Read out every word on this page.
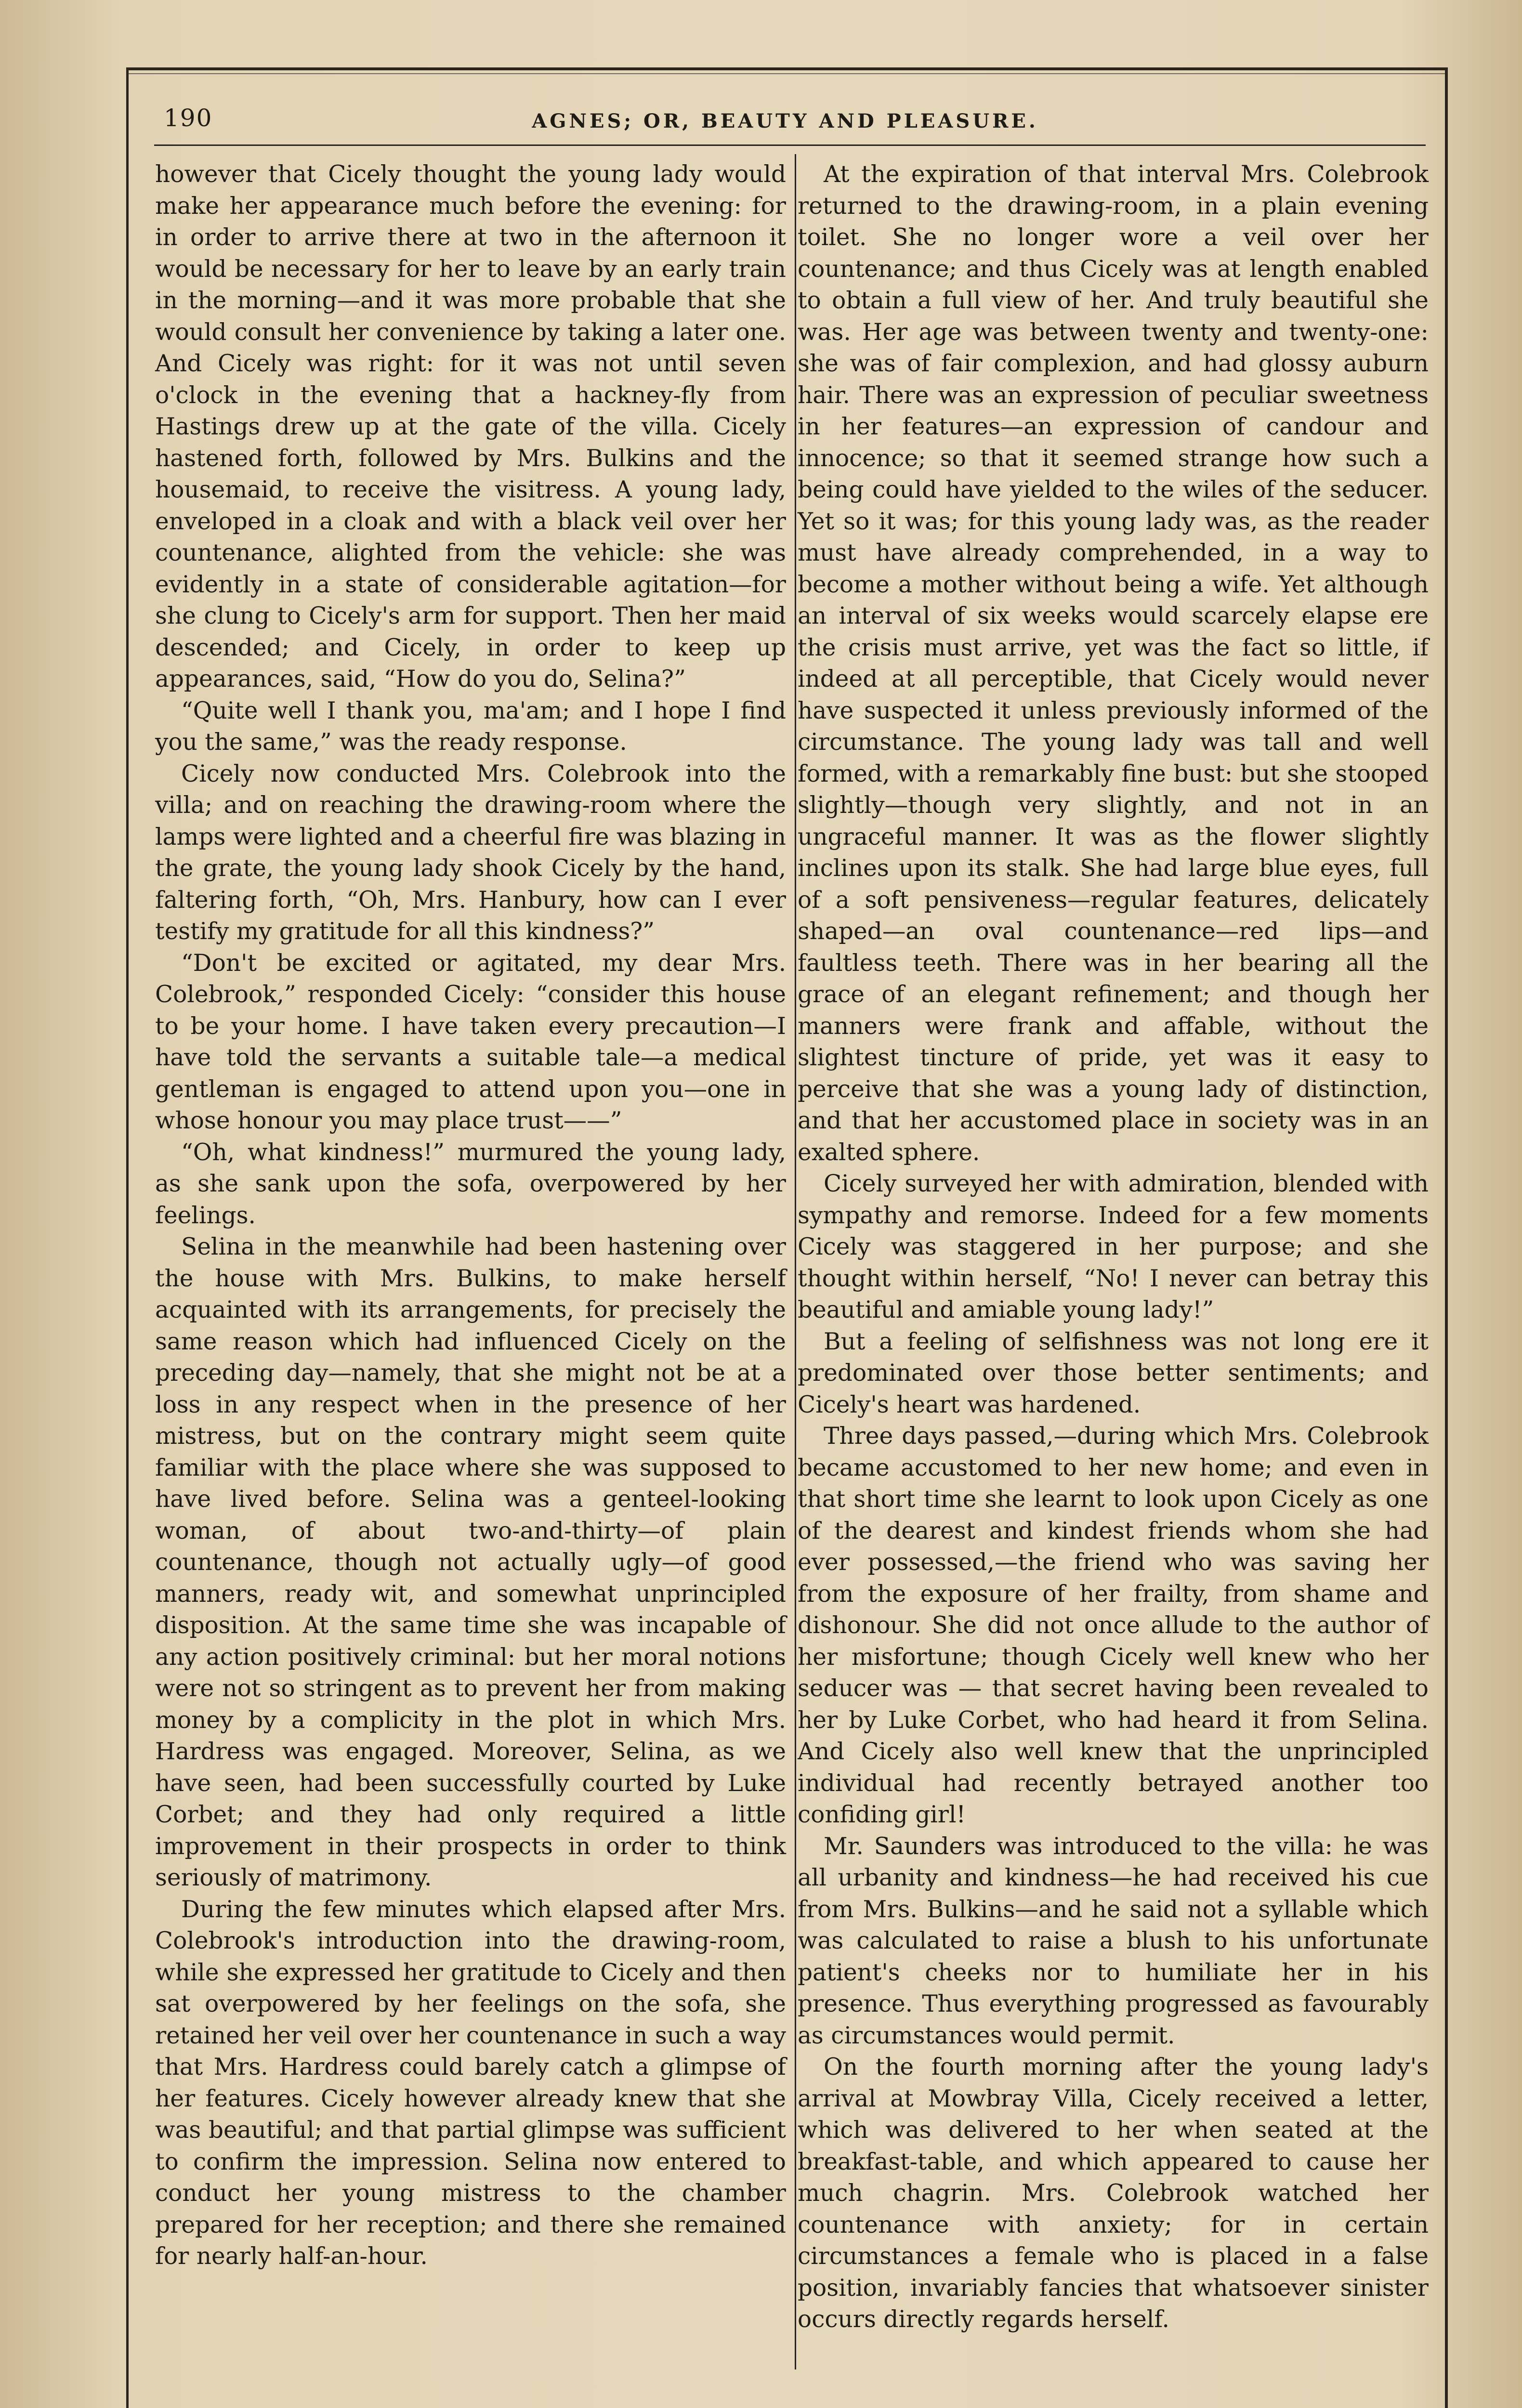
190	AGNES; OR, BEAUTY AND PLEASURE.

however that Cicely thought the young lady would make her appearance much before the evening: for in order to arrive there at two in the afternoon it would be necessary for her to leave by an early train in the morning—and it was more probable that she would consult her convenience by taking a later one. And Cicely was right: for it was not until seven o'clock in the evening that a hackney-fly from Hastings drew up at the gate of the villa. Cicely hastened forth, followed by Mrs. Bulkins and the housemaid, to receive the visitress. A young lady, enveloped in a cloak and with a black veil over her countenance, alighted from the vehicle: she was evidently in a state of considerable agitation—for she clung to Cicely's arm for support. Then her maid descended; and Cicely, in order to keep up appearances, said, “How do you do, Selina?”

“Quite well I thank you, ma'am; and I hope I find you the same,” was the ready response.

Cicely now conducted Mrs. Colebrook into the villa; and on reaching the drawing-room where the lamps were lighted and a cheerful fire was blazing in the grate, the young lady shook Cicely by the hand, faltering forth, “Oh, Mrs. Hanbury, how can I ever testify my gratitude for all this kindness?”

“Don't be excited or agitated, my dear Mrs. Colebrook,” responded Cicely: “consider this house to be your home. I have taken every precaution—I have told the servants a suitable tale—a medical gentleman is engaged to attend upon you—one in whose honour you may place trust——”

“Oh, what kindness!” murmured the young lady, as she sank upon the sofa, overpowered by her feelings.

Selina in the meanwhile had been hastening over the house with Mrs. Bulkins, to make herself acquainted with its arrangements, for precisely the same reason which had influenced Cicely on the preceding day—namely, that she might not be at a loss in any respect when in the presence of her mistress, but on the contrary might seem quite familiar with the place where she was supposed to have lived before. Selina was a genteel-looking woman, of about two-and-thirty—of plain countenance, though not actually ugly—of good manners, ready wit, and somewhat unprincipled disposition. At the same time she was incapable of any action positively criminal: but her moral notions were not so stringent as to prevent her from making money by a complicity in the plot in which Mrs. Hardress was engaged. Moreover, Selina, as we have seen, had been successfully courted by Luke Corbet; and they had only required a little improvement in their prospects in order to think seriously of matrimony.

During the few minutes which elapsed after Mrs. Colebrook's introduction into the drawing-room, while she expressed her gratitude to Cicely and then sat overpowered by her feelings on the sofa, she retained her veil over her countenance in such a way that Mrs. Hardress could barely catch a glimpse of her features. Cicely however already knew that she was beautiful; and that partial glimpse was sufficient to confirm the impression. Selina now entered to conduct her young mistress to the chamber prepared for her reception; and there she remained for nearly half-an-hour.

At the expiration of that interval Mrs. Colebrook returned to the drawing-room, in a plain evening toilet. She no longer wore a veil over her countenance; and thus Cicely was at length enabled to obtain a full view of her. And truly beautiful she was. Her age was between twenty and twenty-one: she was of fair complexion, and had glossy auburn hair. There was an expression of peculiar sweetness in her features—an expression of candour and innocence; so that it seemed strange how such a being could have yielded to the wiles of the seducer. Yet so it was; for this young lady was, as the reader must have already comprehended, in a way to become a mother without being a wife. Yet although an interval of six weeks would scarcely elapse ere the crisis must arrive, yet was the fact so little, if indeed at all perceptible, that Cicely would never have suspected it unless previously informed of the circumstance. The young lady was tall and well formed, with a remarkably fine bust: but she stooped slightly—though very slightly, and not in an ungraceful manner. It was as the flower slightly inclines upon its stalk. She had large blue eyes, full of a soft pensiveness—regular features, delicately shaped—an oval countenance—red lips—and faultless teeth. There was in her bearing all the grace of an elegant refinement; and though her manners were frank and affable, without the slightest tincture of pride, yet was it easy to perceive that she was a young lady of distinction, and that her accustomed place in society was in an exalted sphere.

Cicely surveyed her with admiration, blended with sympathy and remorse. Indeed for a few moments Cicely was staggered in her purpose; and she thought within herself, “No! I never can betray this beautiful and amiable young lady!”

But a feeling of selfishness was not long ere it predominated over those better sentiments; and Cicely's heart was hardened.

Three days passed,—during which Mrs. Colebrook became accustomed to her new home; and even in that short time she learnt to look upon Cicely as one of the dearest and kindest friends whom she had ever possessed,—the friend who was saving her from the exposure of her frailty, from shame and dishonour. She did not once allude to the author of her misfortune; though Cicely well knew who her seducer was — that secret having been revealed to her by Luke Corbet, who had heard it from Selina. And Cicely also well knew that the unprincipled individual had recently betrayed another too confiding girl!

Mr. Saunders was introduced to the villa: he was all urbanity and kindness—he had received his cue from Mrs. Bulkins—and he said not a syllable which was calculated to raise a blush to his unfortunate patient's cheeks nor to humiliate her in his presence. Thus everything progressed as favourably as circumstances would permit.

On the fourth morning after the young lady's arrival at Mowbray Villa, Cicely received a letter, which was delivered to her when seated at the breakfast-table, and which appeared to cause her much chagrin. Mrs. Colebrook watched her countenance with anxiety; for in certain circumstances a female who is placed in a false position, invariably fancies that whatsoever sinister occurs directly regards herself.
